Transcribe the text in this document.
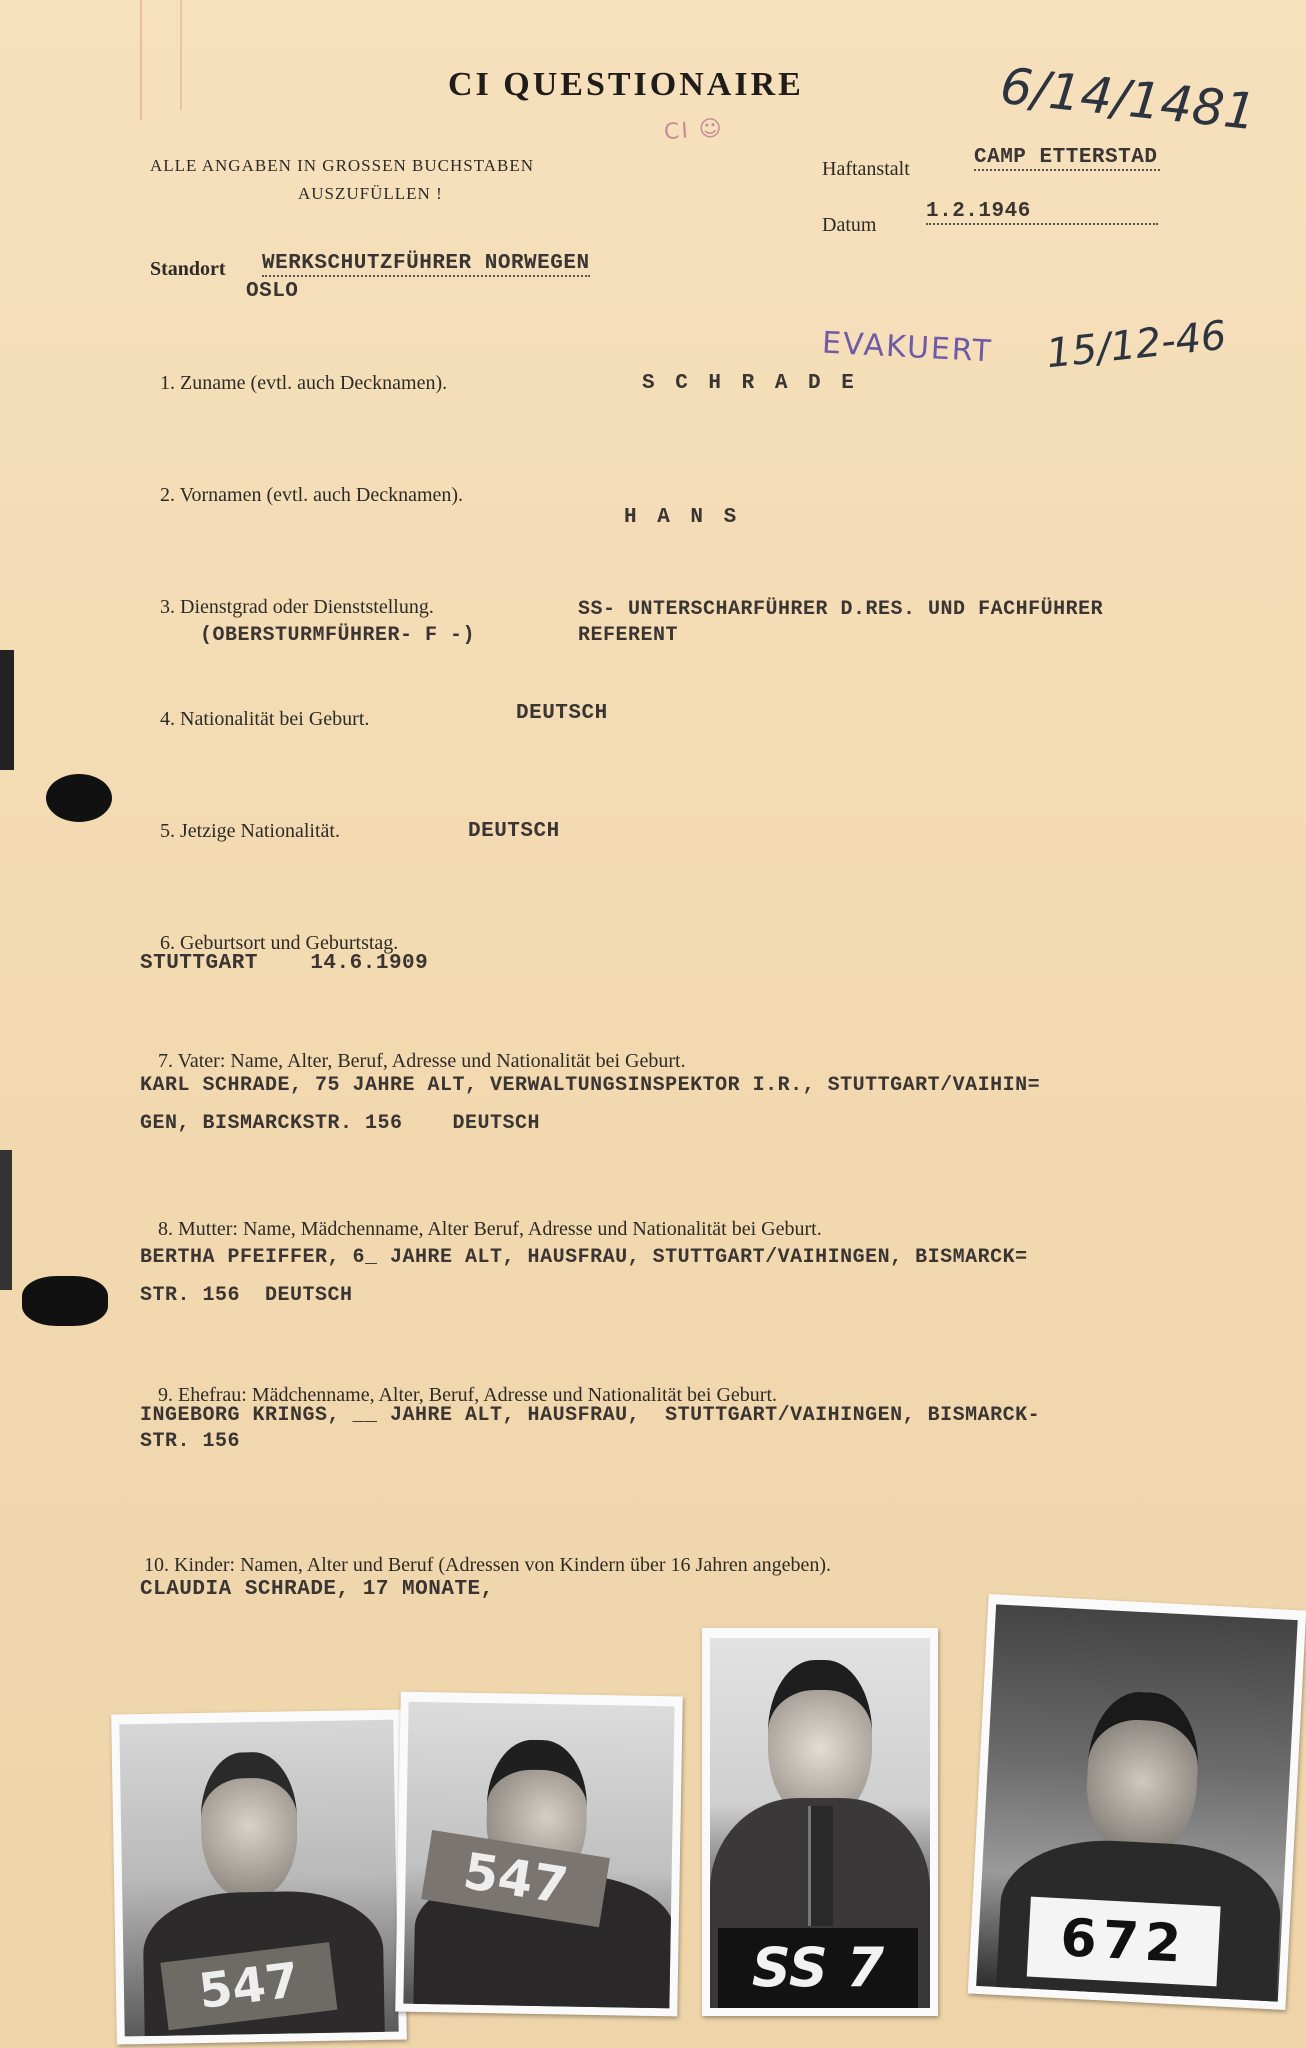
CI QUESTIONAIRE
CI ☺	6/14/1481
ALLE ANGABEN IN GROSSEN BUCHSTABEN
AUSZUFÜLLEN !
Haftanstalt	CAMP ETTERSTAD
Datum
1.2.1946
Standort WERKSCHUTZFÜHRER NORWEGEN
OSLO
EVAKUERT 15/12-46
1. Zuname (evtl. auch Decknamen).	S C H R A D E
2. Vornamen (evtl. auch Decknamen).
H A N S
3. Dienstgrad oder Dienststellung.
(OBERSTURMFÜHRER- F -)
SS- UNTERSCHARFÜHRER D.RES. UND FACHFÜHRER
REFERENT
4. Nationalität bei Geburt.	DEUTSCH
5. Jetzige Nationalität.	DEUTSCH
6. Geburtsort und Geburtstag.
STUTTGART    14.6.1909
7. Vater: Name, Alter, Beruf, Adresse und Nationalität bei Geburt.
KARL SCHRADE, 75 JAHRE ALT, VERWALTUNGSINSPEKTOR I.R., STUTTGART/VAIHIN=
GEN, BISMARCKSTR. 156    DEUTSCH
8. Mutter: Name, Mädchenname, Alter Beruf, Adresse und Nationalität bei Geburt.
BERTHA PFEIFFER, 6_ JAHRE ALT, HAUSFRAU, STUTTGART/VAIHINGEN, BISMARCK=
STR. 156  DEUTSCH
9. Ehefrau: Mädchenname, Alter, Beruf, Adresse und Nationalität bei Geburt.
INGEBORG KRINGS, __ JAHRE ALT, HAUSFRAU,  STUTTGART/VAIHINGEN, BISMARCK-
STR. 156
10. Kinder: Namen, Alter und Beruf (Adressen von Kindern über 16 Jahren angeben).
CLAUDIA SCHRADE, 17 MONATE,
547
547
SS 7	672
